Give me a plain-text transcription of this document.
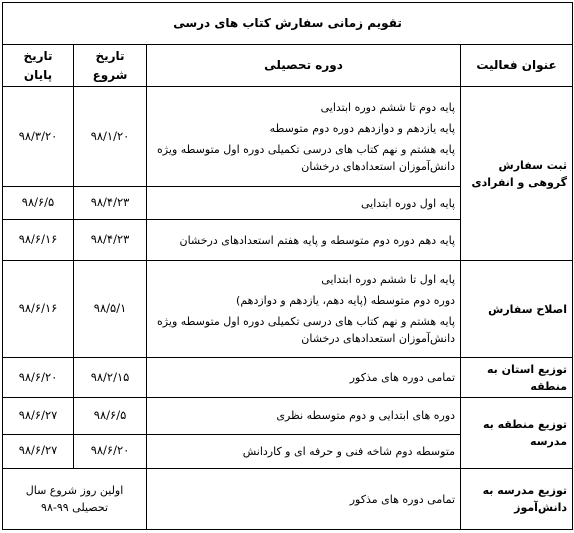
تقویم زمانی سفارش کتاب های درسی			
عنوان فعالیت	دوره تحصیلی	تاریخ شروع	تاریخ پایان
ثبت سفارش گروهی و انفرادی	پایه دوم تا ششم دوره ابتدایی
پایه یازدهم و دوازدهم دوره دوم متوسطه
پایه هشتم و نهم کتاب های درسی تکمیلی دوره اول متوسطه ویژه دانش‌آموزان استعدادهای درخشان	۹۸/۱/۲۰	۹۸/۳/۲۰

	پایه اول دوره ابتدایی	۹۸/۴/۲۳	۹۸/۶/۵

	پایه دهم دوره دوم متوسطه و پایه هفتم استعدادهای درخشان	۹۸/۴/۲۳	۹۸/۶/۱۶
اصلاح سفارش	پایه اول تا ششم دوره ابتدایی
دوره دوم متوسطه (پایه دهم، یازدهم و دوازدهم)
پایه هشتم و نهم کتاب های درسی تکمیلی دوره اول متوسطه ویژه دانش‌آموزان استعدادهای درخشان	۹۸/۵/۱	۹۸/۶/۱۶
توزیع استان به منطقه	تمامی دوره های مذکور	۹۸/۲/۱۵	۹۸/۶/۲۰
توزیع منطقه به مدرسه	دوره های ابتدایی و دوم متوسطه نظری	۹۸/۶/۵	۹۸/۶/۲۷

	متوسطه دوم شاخه فنی و حرفه ای و کاردانش	۹۸/۶/۲۰	۹۸/۶/۲۷
توزیع مدرسه به دانش‌آموز	تمامی دوره های مذکور	اولین روز شروع سال تحصیلی ۹۹-۹۸	
